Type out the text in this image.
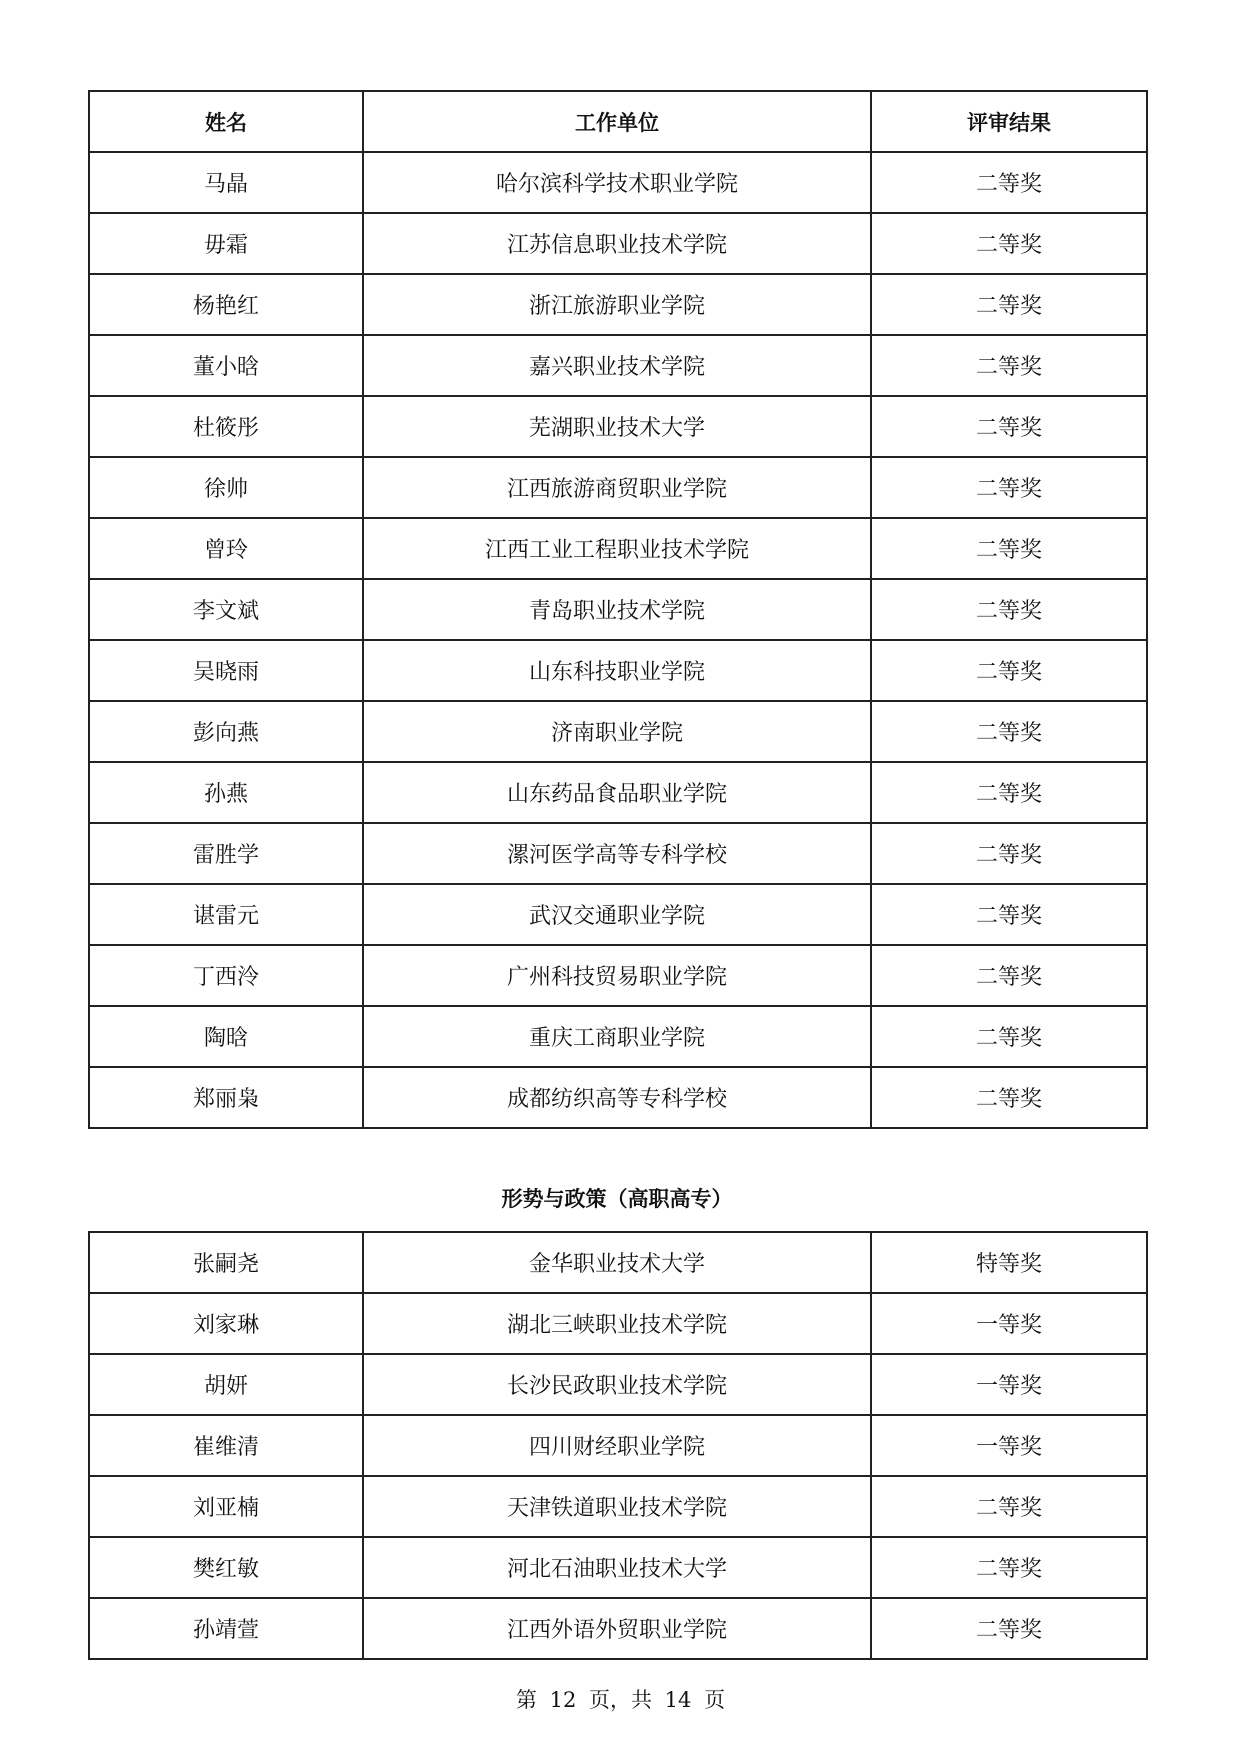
姓名	工作单位	评审结果
马晶	哈尔滨科学技术职业学院	二等奖
毋霜	江苏信息职业技术学院	二等奖
杨艳红	浙江旅游职业学院	二等奖
董小晗	嘉兴职业技术学院	二等奖
杜筱彤	芜湖职业技术大学	二等奖
徐帅	江西旅游商贸职业学院	二等奖
曾玲	江西工业工程职业技术学院	二等奖
李文斌	青岛职业技术学院	二等奖
吴晓雨	山东科技职业学院	二等奖
彭向燕	济南职业学院	二等奖
孙燕	山东药品食品职业学院	二等奖
雷胜学	漯河医学高等专科学校	二等奖
谌雷元	武汉交通职业学院	二等奖
丁西泠	广州科技贸易职业学院	二等奖
陶晗	重庆工商职业学院	二等奖
郑丽枭	成都纺织高等专科学校	二等奖
形势与政策（高职高专）
张嗣尧	金华职业技术大学	特等奖
刘家琳	湖北三峡职业技术学院	一等奖
胡妍	长沙民政职业技术学院	一等奖
崔维清	四川财经职业学院	一等奖
刘亚楠	天津铁道职业技术学院	二等奖
樊红敏	河北石油职业技术大学	二等奖
孙靖萱	江西外语外贸职业学院	二等奖
第 12 页，共 14 页
